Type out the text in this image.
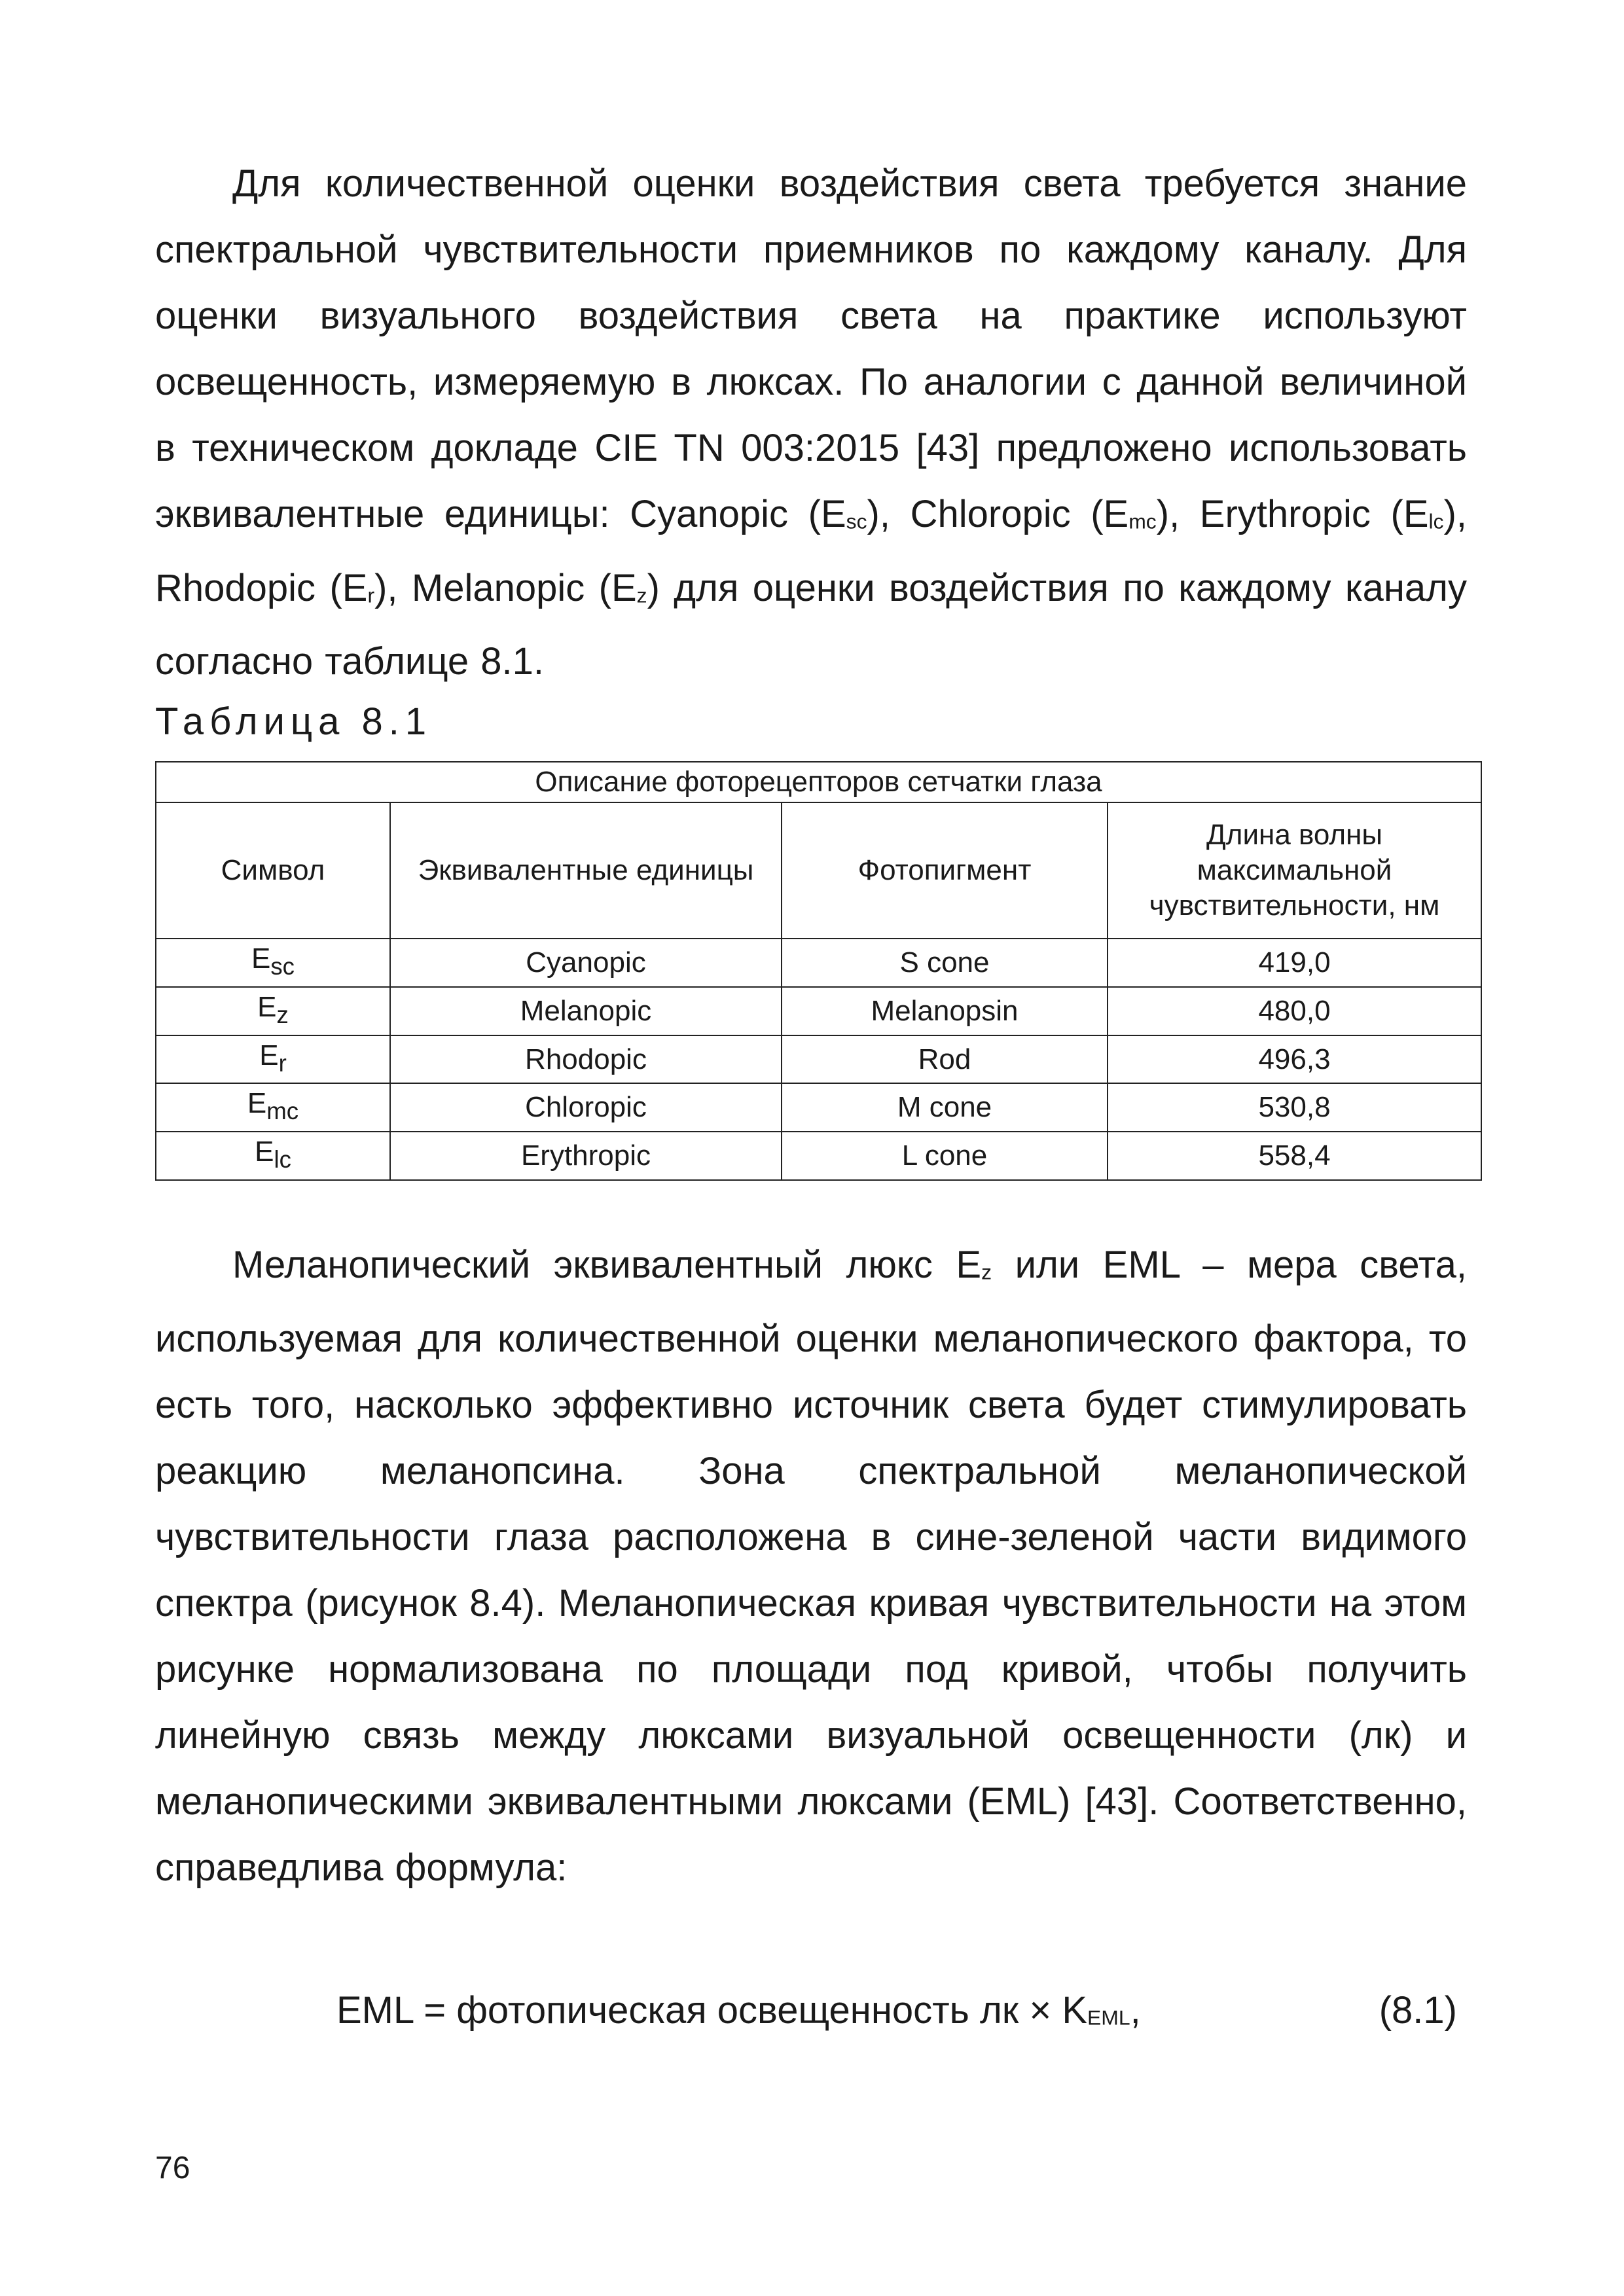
Для количественной оценки воздействия света требуется знание спектральной чувствительности приемников по каждому каналу. Для оценки визуального воздействия света на практике используют освещенность, измеряемую в люксах. По аналогии с данной величиной в техническом докладе CIE TN 003:2015 [43] предложено использовать эквивалентные единицы: Cyanopic $(E_{sc})$, Chloropic $(E_{mc})$, Erythropic $(E_{lc})$, Rhodopic $(E_r)$, Melanopic $(E_z)$ для оценки воздействия по каждому каналу согласно таблице 8.1.

Таблица 8.1
Описание фоторецепторов сетчатки глаза			
Символ	Эквивалентные единицы	Фотопигмент	Длина волны максимальной чувствительности, нм
$E_{sc}$	Cyanopic	S cone	419,0
$E_z$	Melanopic	Melanopsin	480,0
$E_r$	Rhodopic	Rod	496,3
$E_{mc}$	Chloropic	M cone	530,8
$E_{lc}$	Erythropic	L cone	558,4

Меланопический эквивалентный люкс $E_z$ или EML – мера света, используемая для количественной оценки меланопического фактора, то есть того, насколько эффективно источник света будет стимулировать реакцию меланопсина. Зона спектральной меланопической чувствительности глаза расположена в сине-зеленой части видимого спектра (рисунок 8.4). Меланопическая кривая чувствительности на этом рисунке нормализована по площади под кривой, чтобы получить линейную связь между люксами визуальной освещенности (лк) и меланопическими эквивалентными люксами (EML) [43]. Соответственно, справедлива формула:

EML = фотопическая освещенность лк × $K_{EML}$,	(8.1)
76
